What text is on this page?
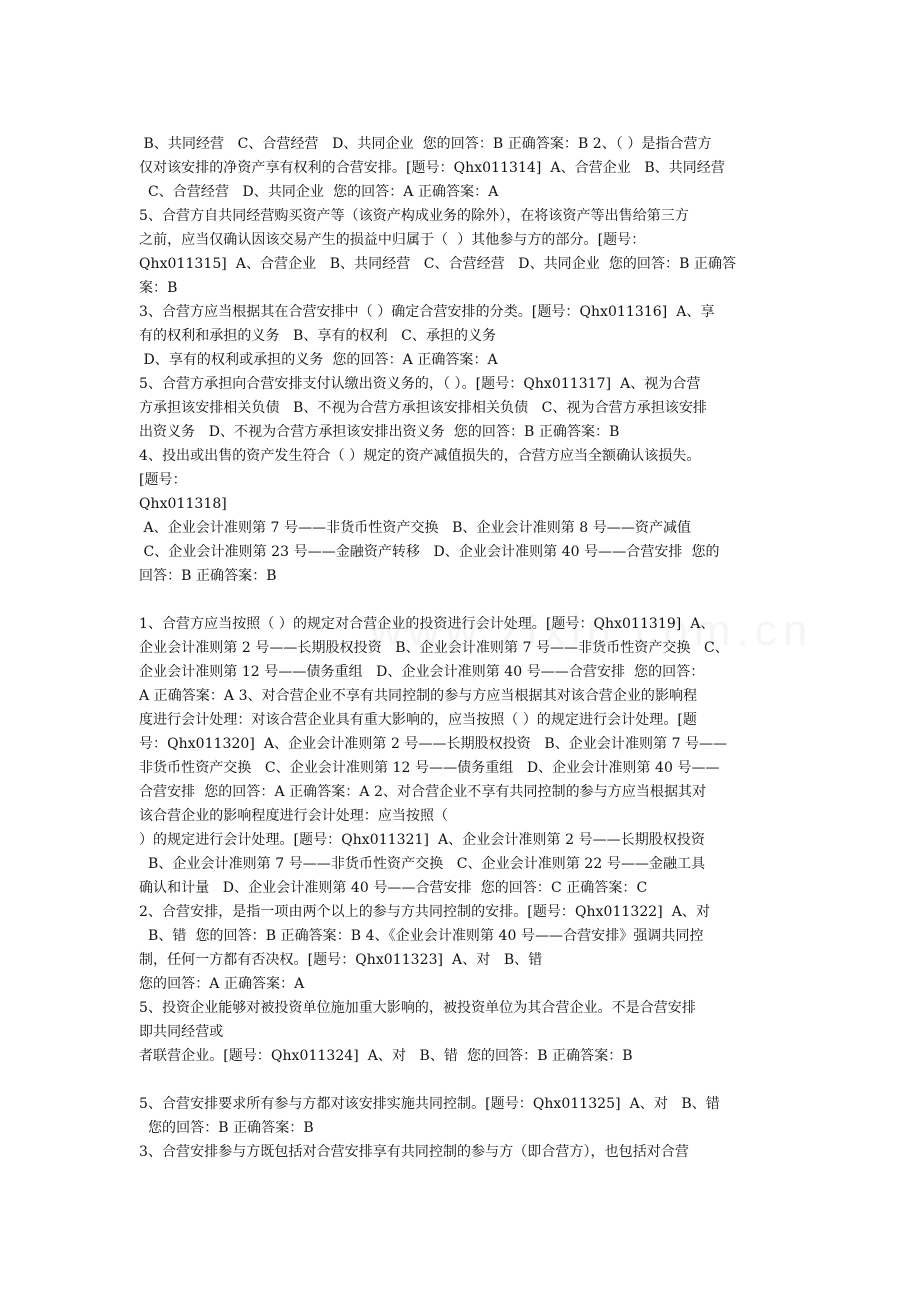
B、共同经营   C、合营经营   D、共同企业  您的回答：B 正确答案：B 2、（ ）是指合营方
仅对该安排的净资产享有权利的合营安排。[题号：Qhx011314]  A、合营企业   B、共同经营
C、合营经营   D、共同企业  您的回答：A 正确答案：A
5、合营方自共同经营购买资产等（该资产构成业务的除外），在将该资产等出售给第三方
之前，应当仅确认因该交易产生的损益中归属于（  ）其他参与方的部分。[题号：
Qhx011315]  A、合营企业   B、共同经营   C、合营经营   D、共同企业  您的回答：B 正确答
案：B
3、合营方应当根据其在合营安排中（ ）确定合营安排的分类。[题号：Qhx011316]  A、享
有的权利和承担的义务   B、享有的权利   C、承担的义务
D、享有的权利或承担的义务  您的回答：A 正确答案：A
5、合营方承担向合营安排支付认缴出资义务的，（ ）。[题号：Qhx011317]  A、视为合营
方承担该安排相关负债   B、不视为合营方承担该安排相关负债   C、视为合营方承担该安排
出资义务   D、不视为合营方承担该安排出资义务  您的回答：B 正确答案：B
4、投出或出售的资产发生符合（ ）规定的资产减值损失的，合营方应当全额确认该损失。
[题号：
Qhx011318]
A、企业会计准则第 7 号——非货币性资产交换   B、企业会计准则第 8 号——资产减值
C、企业会计准则第 23 号——金融资产转移   D、企业会计准则第 40 号——合营安排  您的
回答：B 正确答案：B
1、合营方应当按照（ ）的规定对合营企业的投资进行会计处理。[题号：Qhx011319]  A、
企业会计准则第 2 号——长期股权投资   B、企业会计准则第 7 号——非货币性资产交换   C、
企业会计准则第 12 号——债务重组   D、企业会计准则第 40 号——合营安排  您的回答：
A 正确答案：A 3、对合营企业不享有共同控制的参与方应当根据其对该合营企业的影响程
度进行会计处理：对该合营企业具有重大影响的，应当按照（ ）的规定进行会计处理。[题
号：Qhx011320]  A、企业会计准则第 2 号——长期股权投资   B、企业会计准则第 7 号——
非货币性资产交换   C、企业会计准则第 12 号——债务重组   D、企业会计准则第 40 号——
合营安排  您的回答：A 正确答案：A 2、对合营企业不享有共同控制的参与方应当根据其对
该合营企业的影响程度进行会计处理：应当按照（
）的规定进行会计处理。[题号：Qhx011321]  A、企业会计准则第 2 号——长期股权投资
B、企业会计准则第 7 号——非货币性资产交换   C、企业会计准则第 22 号——金融工具
确认和计量   D、企业会计准则第 40 号——合营安排  您的回答：C 正确答案：C
2、合营安排，是指一项由两个以上的参与方共同控制的安排。[题号：Qhx011322]  A、对
B、错  您的回答：B 正确答案：B 4、《企业会计准则第 40 号——合营安排》强调共同控
制，任何一方都有否决权。[题号：Qhx011323]  A、对   B、错
您的回答：A 正确答案：A
5、投资企业能够对被投资单位施加重大影响的，被投资单位为其合营企业。不是合营安排
即共同经营或
者联营企业。[题号：Qhx011324]  A、对   B、错  您的回答：B 正确答案：B
5、合营安排要求所有参与方都对该安排实施共同控制。[题号：Qhx011325]  A、对   B、错
您的回答：B 正确答案：B
3、合营安排参与方既包括对合营安排享有共同控制的参与方（即合营方），也包括对合营
